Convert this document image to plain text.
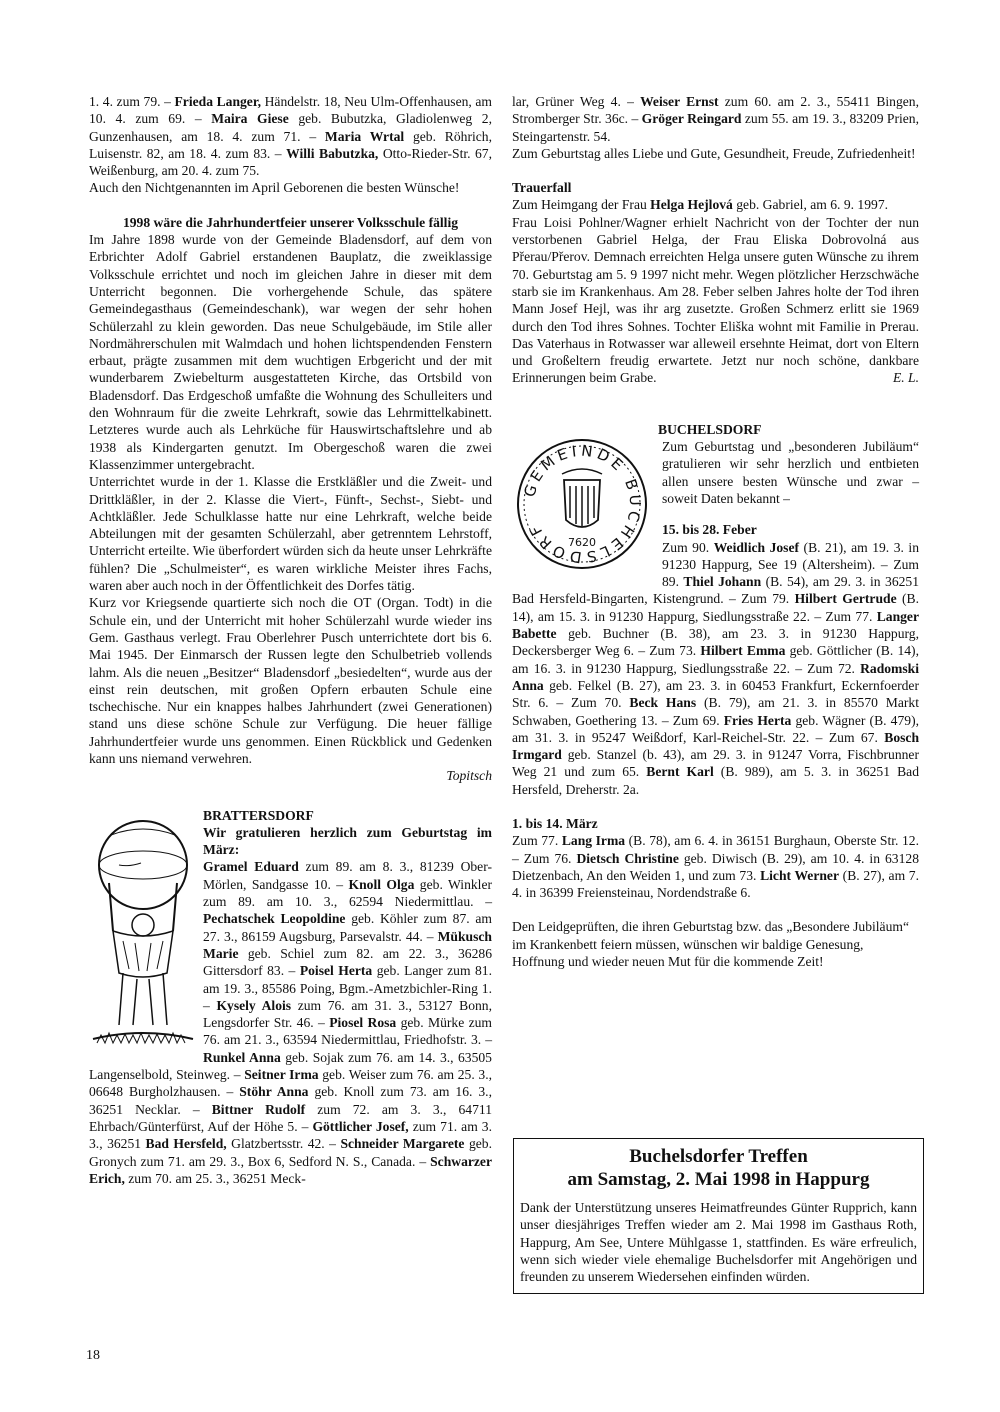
1. 4. zum 79. – Frieda Langer, Händelstr. 18, Neu Ulm-Offenhausen, am 10. 4. zum 69. – Maira Giese geb. Bubutzka, Gladiolenweg 2, Gunzenhausen, am 18. 4. zum 71. – Maria Wrtal geb. Röhrich, Luisenstr. 82, am 18. 4. zum 83. – Willi Babutzka, Otto-Rieder-Str. 67, Weißenburg, am 20. 4. zum 75.

Auch den Nichtgenannten im April Geborenen die besten Wünsche!

1998 wäre die Jahrhundertfeier unserer Volksschule fällig

Im Jahre 1898 wurde von der Gemeinde Bladensdorf, auf dem von Erbrichter Adolf Gabriel erstandenen Bauplatz, die zweiklassige Volksschule errichtet und noch im gleichen Jahre in dieser mit dem Unterricht begonnen. Die vorhergehende Schule, das spätere Gemeindegasthaus (Gemeindeschank), war wegen der sehr hohen Schülerzahl zu klein geworden. Das neue Schulgebäude, im Stile aller Nordmährerschulen mit Walmdach und hohen lichtspendenden Fenstern erbaut, prägte zusammen mit dem wuchtigen Erbgericht und der mit wunderbarem Zwiebelturm ausgestatteten Kirche, das Ortsbild von Bladensdorf. Das Erdgeschoß umfaßte die Wohnung des Schulleiters und den Wohnraum für die zweite Lehrkraft, sowie das Lehrmittelkabinett. Letzteres wurde auch als Lehrküche für Hauswirtschaftslehre und ab 1938 als Kindergarten genutzt. Im Obergeschoß waren die zwei Klassenzimmer untergebracht.

Unterrichtet wurde in der 1. Klasse die Erstkläßler und die Zweit- und Drittkläßler, in der 2. Klasse die Viert-, Fünft-, Sechst-, Siebt- und Achtkläßler. Jede Schulklasse hatte nur eine Lehrkraft, welche beide Abteilungen mit der gesamten Schülerzahl, aber getrenntem Lehrstoff, Unterricht erteilte. Wie überfordert würden sich da heute unser Lehrkräfte fühlen? Die „Schulmeister“, es waren wirkliche Meister ihres Fachs, waren aber auch noch in der Öffentlichkeit des Dorfes tätig.

Kurz vor Kriegsende quartierte sich noch die OT (Organ. Todt) in die Schule ein, und der Unterricht mit hoher Schülerzahl wurde wieder ins Gem. Gasthaus verlegt. Frau Oberlehrer Pusch unterrichtete dort bis 6. Mai 1945. Der Einmarsch der Russen legte den Schulbetrieb vollends lahm. Als die neuen „Besitzer“ Bladensdorf „besiedelten“, wurde aus der einst rein deutschen, mit großen Opfern erbauten Schule eine tschechische. Nur ein knappes halbes Jahrhundert (zwei Generationen) stand uns diese schöne Schule zur Verfügung. Die heuer fällige Jahrhundertfeier wurde uns genommen. Einen Rückblick und Gedenken kann uns niemand verwehren.

Topitsch

BRATTERSDORF

Wir gratulieren herzlich zum Geburtstag im März:

Gramel Eduard zum 89. am 8. 3., 81239 Ober-Mörlen, Sandgasse 10. – Knoll Olga geb. Winkler zum 89. am 10. 3., 62594 Niedermittlau. – Pechatschek Leopoldine geb. Köhler zum 87. am 27. 3., 86159 Augsburg, Parsevalstr. 44. – Mükusch Marie geb. Schiel zum 82. am 22. 3., 36286 Gittersdorf 83. – Poisel Herta geb. Langer zum 81. am 19. 3., 85586 Poing, Bgm.-Ametzbichler-Ring 1. – Kysely Alois zum 76. am 31. 3., 53127 Bonn, Lengsdorfer Str. 46. – Piosel Rosa geb. Mürke zum 76. am 21. 3., 63594 Niedermittlau, Friedhofstr. 3. – Runkel Anna geb. Sojak zum 76. am 14. 3., 63505 Langenselbold, Steinweg. – Seitner Irma geb. Weiser zum 76. am 25. 3., 06648 Burgholzhausen. – Stöhr Anna geb. Knoll zum 73. am 16. 3., 36251 Necklar. – Bittner Rudolf zum 72. am 3. 3., 64711 Ehrbach/Günterfürst, Auf der Höhe 5. – Göttlicher Josef, zum 71. am 3. 3., 36251 Bad Hersfeld, Glatzbertsstr. 42. – Schneider Margarete geb. Gronych zum 71. am 29. 3., Box 6, Sedford N. S., Canada. – Schwarzer Erich, zum 70. am 25. 3., 36251 Meck-

lar, Grüner Weg 4. – Weiser Ernst zum 60. am 2. 3., 55411 Bingen, Stromberger Str. 36c. – Gröger Reingard zum 55. am 19. 3., 83209 Prien, Steingartenstr. 54.

Zum Geburtstag alles Liebe und Gute, Gesundheit, Freude, Zufriedenheit!

Trauerfall

Zum Heimgang der Frau Helga Hejlová geb. Gabriel, am 6. 9. 1997.

Frau Loisi Pohlner/Wagner erhielt Nachricht von der Tochter der nun verstorbenen Gabriel Helga, der Frau Eliska Dobrovolná aus Přerau/Přerov. Demnach erreichten Helga unsere guten Wünsche zu ihrem 70. Geburtstag am 5. 9 1997 nicht mehr. Wegen plötzlicher Herzschwäche starb sie im Krankenhaus. Am 28. Feber selben Jahres holte der Tod ihren Mann Josef Hejl, was ihr arg zusetzte. Großen Schmerz erlitt sie 1969 durch den Tod ihres Sohnes. Tochter Eliška wohnt mit Familie in Prerau. Das Vaterhaus in Rotwasser war alleweil ersehnte Heimat, dort von Eltern und Großeltern freudig erwartete. Jetzt nur noch schöne, dankbare Erinnerungen beim Grabe.	E. L.

BUCHELSDORF

GEMEINDE BUCHELSDORF
7620

Zum Geburtstag und „besonderen Jubiläum“ gratulieren wir sehr herzlich und entbieten allen unsere besten Wünsche und zwar – soweit Daten bekannt –

15. bis 28. Feber

Zum 90. Weidlich Josef (B. 21), am 19. 3. in 91230 Happurg, See 19 (Altersheim). – Zum 89. Thiel Johann (B. 54), am 29. 3. in 36251 Bad Hersfeld-Bingarten, Kistengrund. – Zum 79. Hilbert Gertrude (B. 14), am 15. 3. in 91230 Happurg, Siedlungsstraße 22. – Zum 77. Langer Babette geb. Buchner (B. 38), am 23. 3. in 91230 Happurg, Deckersberger Weg 6. – Zum 73. Hilbert Emma geb. Göttlicher (B. 14), am 16. 3. in 91230 Happurg, Siedlungsstraße 22. – Zum 72. Radomski Anna geb. Felkel (B. 27), am 23. 3. in 60453 Frankfurt, Eckernfoerder Str. 6. – Zum 70. Beck Hans (B. 79), am 21. 3. in 85570 Markt Schwaben, Goethering 13. – Zum 69. Fries Herta geb. Wägner (B. 479), am 31. 3. in 95247 Weißdorf, Karl-Reichel-Str. 22. – Zum 67. Bosch Irmgard geb. Stanzel (b. 43), am 29. 3. in 91247 Vorra, Fischbrunner Weg 21 und zum 65. Bernt Karl (B. 989), am 5. 3. in 36251 Bad Hersfeld, Dreherstr. 2a.

1. bis 14. März

Zum 77. Lang Irma (B. 78), am 6. 4. in 36151 Burghaun, Oberste Str. 12. – Zum 76. Dietsch Christine geb. Diwisch (B. 29), am 10. 4. in 63128 Dietzenbach, An den Weiden 1, und zum 73. Licht Werner (B. 27), am 7. 4. in 36399 Freiensteinau, Nordendstraße 6.

Den Leidgeprüften, die ihren Geburtstag bzw. das „Besondere Jubiläum“ im Krankenbett feiern müssen, wünschen wir baldige Genesung, Hoffnung und wieder neuen Mut für die kommende Zeit!

Buchelsdorfer Treffen
am Samstag, 2. Mai 1998 in Happurg

Dank der Unterstützung unseres Heimatfreundes Günter Rupprich, kann unser diesjähriges Treffen wieder am 2. Mai 1998 im Gasthaus Roth, Happurg, Am See, Untere Mühlgasse 1, stattfinden. Es wäre erfreulich, wenn sich wieder viele ehemalige Buchelsdorfer mit Angehörigen und freunden zu unserem Wiedersehen einfinden würden.

18
